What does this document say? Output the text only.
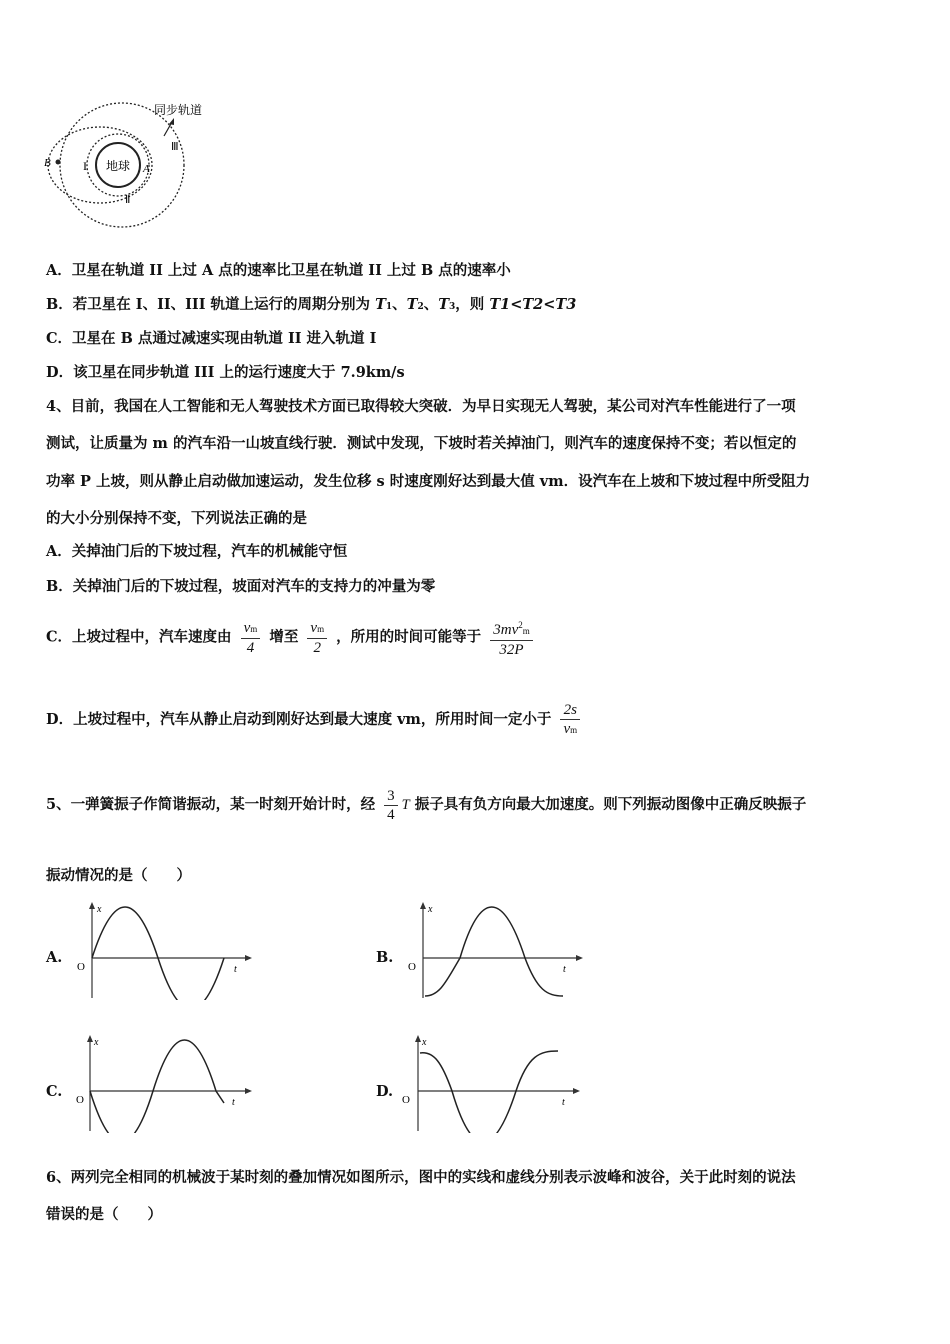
地球
B	A
I
Ⅱ
Ⅲ
同步轨道
A．卫星在轨道 II 上过 A 点的速率比卫星在轨道 II 上过 B 点的速率小
B．若卫星在 I、II、III 轨道上运行的周期分别为 T1、T2、T3，则 T1<T2<T3
C．卫星在 B 点通过减速实现由轨道 II 进入轨道 I
D．该卫星在同步轨道 III 上的运行速度大于 7.9km/s
4、目前，我国在人工智能和无人驾驶技术方面已取得较大突破．为早日实现无人驾驶，某公司对汽车性能进行了一项
测试，让质量为 m 的汽车沿一山坡直线行驶．测试中发现，下坡时若关掉油门，则汽车的速度保持不变；若以恒定的
功率 P 上坡，则从静止启动做加速运动，发生位移 s 时速度刚好达到最大值 vm．设汽车在上坡和下坡过程中所受阻力
的大小分别保持不变，下列说法正确的是
A．关掉油门后的下坡过程，汽车的机械能守恒
B．关掉油门后的下坡过程，坡面对汽车的支持力的冲量为零
C．上坡过程中，汽车速度由 $\frac{vm}{4}$ 增至 $\frac{vm}{2}$ ，所用的时间可能等于 $\frac{3mv^2m}{32P}$
D．上坡过程中，汽车从静止启动到刚好达到最大速度 vm，所用时间一定小于 $\frac{2s}{vm}$
5、一弹簧振子作简谐振动，某一时刻开始计时，经 $\frac{3}{4}$ T 振子具有负方向最大加速度。则下列振动图像中正确反映振子
振动情况的是（　　）
A.
x
t
O
B.
x
t
O
C.
x
t
O	D.
x
t
O
6、两列完全相同的机械波于某时刻的叠加情况如图所示，图中的实线和虚线分别表示波峰和波谷，关于此时刻的说法
错误的是（　　）
